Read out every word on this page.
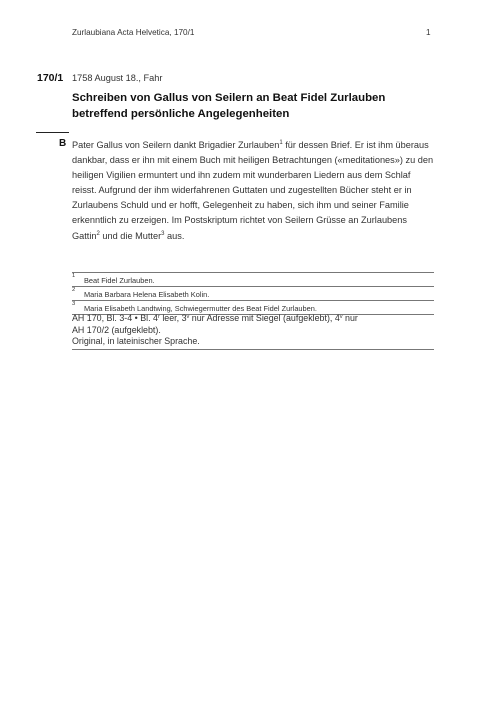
Zurlaubiana Acta Helvetica, 170/1	1
170/1 1758 August 18., Fahr
Schreiben von Gallus von Seilern an Beat Fidel Zurlauben betreffend persönliche Angelegenheiten
B Pater Gallus von Seilern dankt Brigadier Zurlauben$^1$ für dessen Brief. Er ist ihm überaus dankbar, dass er ihn mit einem Buch mit heiligen Betrachtungen («meditationes») zu den heiligen Vigilien ermuntert und ihn zudem mit wunderbaren Liedern aus dem Schlaf reisst. Aufgrund der ihm widerfahrenen Guttaten und zugestellten Bücher steht er in Zurlaubens Schuld und er hofft, Gelegenheit zu haben, sich ihm und seiner Familie erkenntlich zu erzeigen. Im Postskriptum richtet von Seilern Grüsse an Zurlaubens Gattin$^2$ und die Mutter$^3$ aus.

1 Beat Fidel Zurlauben.
2 Maria Barbara Helena Elisabeth Kolin.
3 Maria Elisabeth Landtwing, Schwiegermutter des Beat Fidel Zurlauben.
AH 170, Bl. 3-4 • Bl. 4$^r$ leer, 3$^v$ nur Adresse mit Siegel (aufgeklebt), 4$^v$ nur
AH 170/2 (aufgeklebt).
Original, in lateinischer Sprache.
